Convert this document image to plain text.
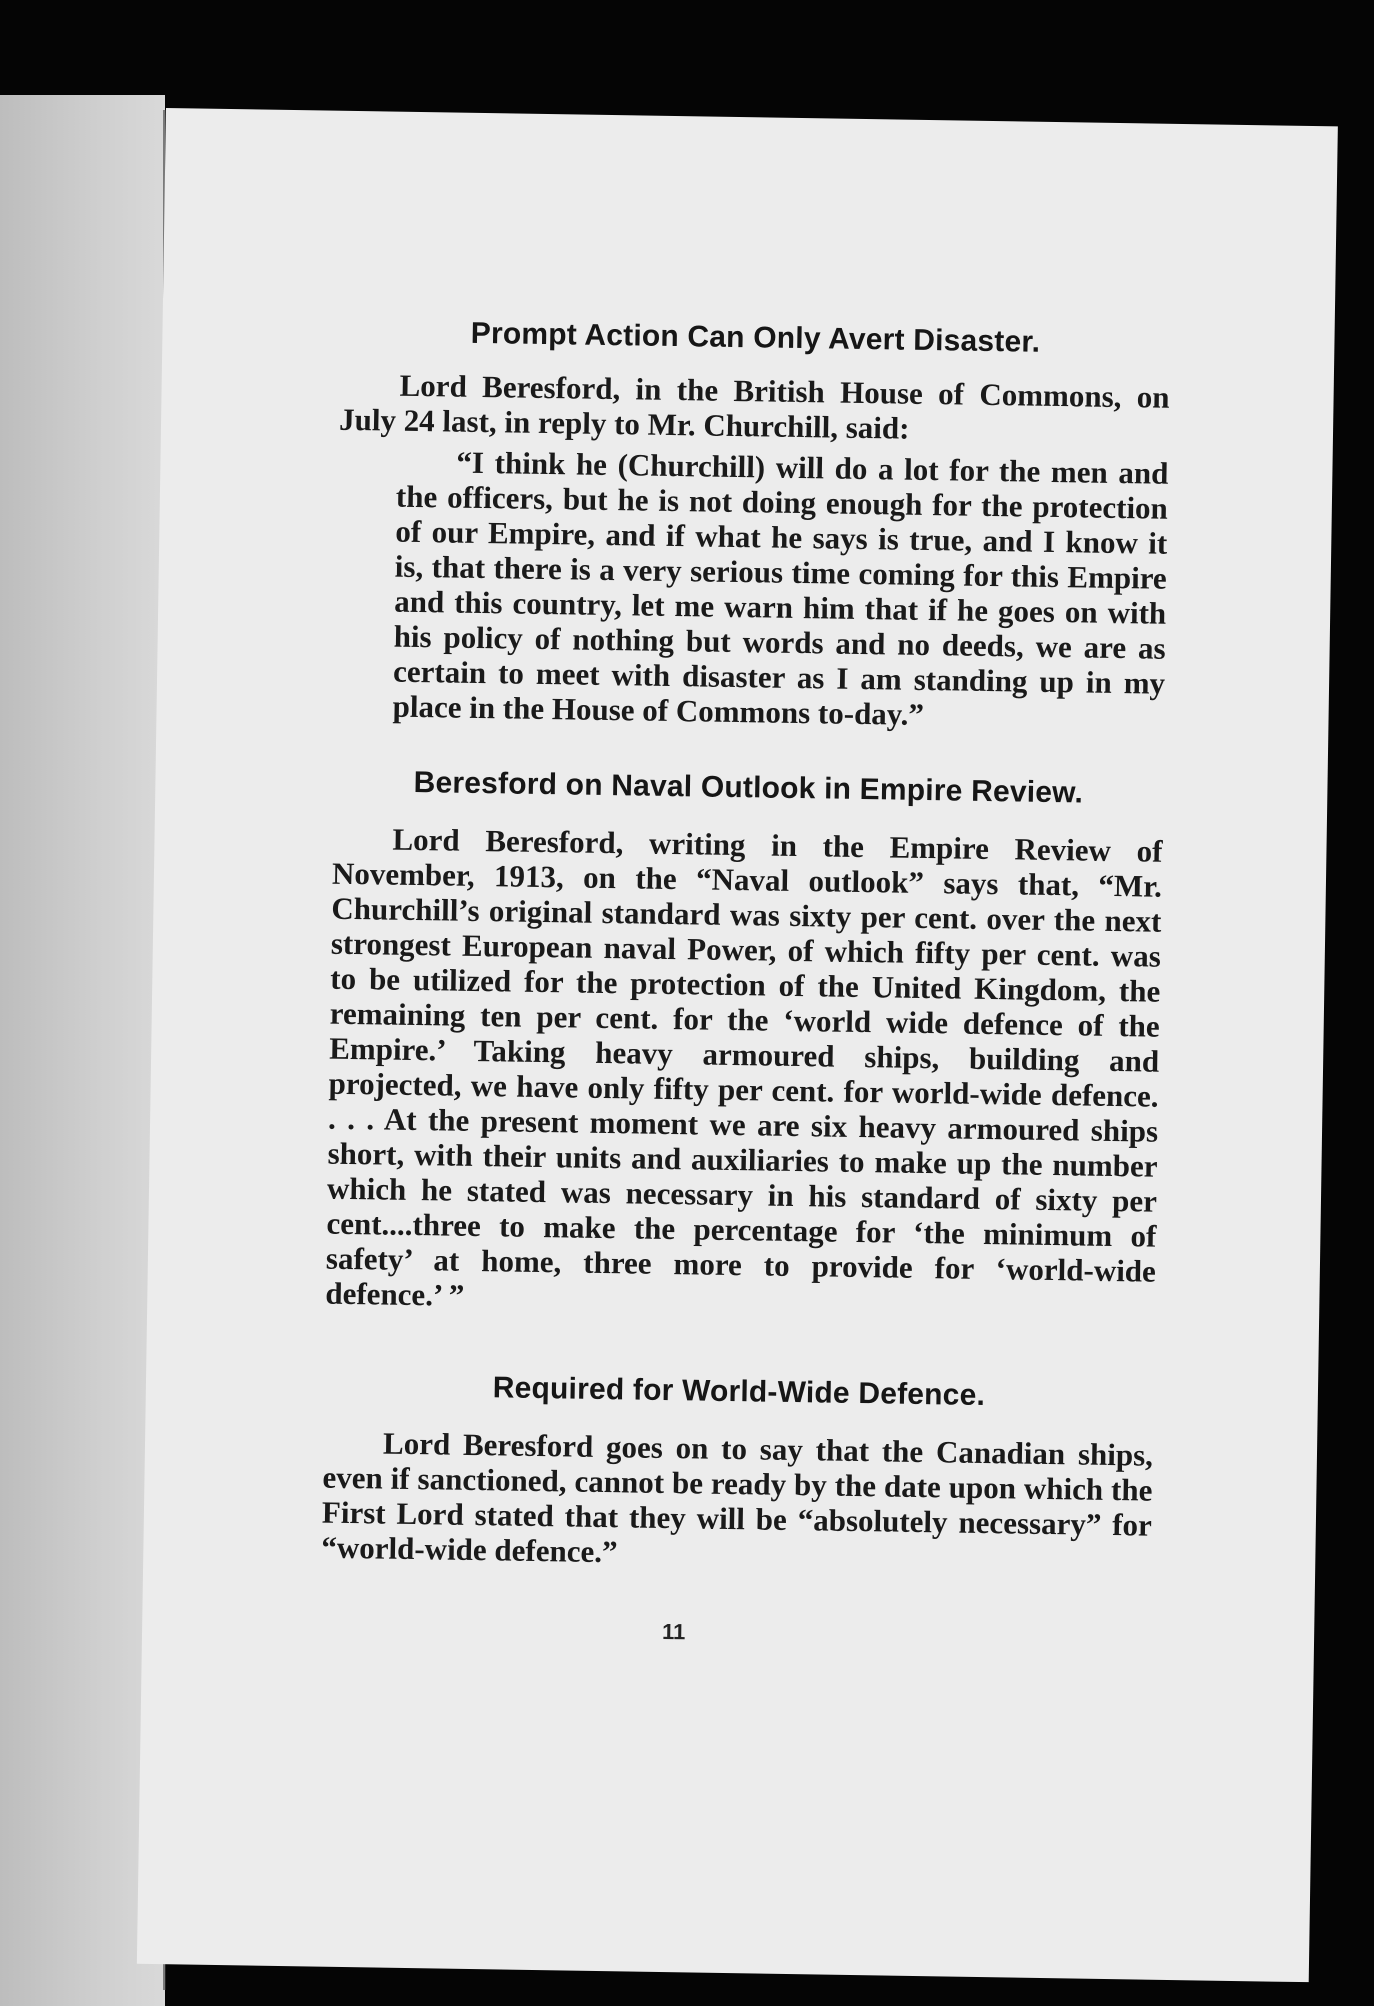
Prompt Action Can Only Avert Disaster.

Lord Beresford, in the British House of Commons, on July 24 last, in reply to Mr. Churchill, said:

“I think he (Churchill) will do a lot for the men and the officers, but he is not doing enough for the protection of our Empire, and if what he says is true, and I know it is, that there is a very serious time coming for this Empire and this country, let me warn him that if he goes on with his policy of nothing but words and no deeds, we are as certain to meet with disaster as I am standing up in my place in the House of Commons to-day.”

Beresford on Naval Outlook in Empire Review.

Lord Beresford, writing in the Empire Review of November, 1913, on the “Naval outlook” says that, “Mr. Churchill’s original standard was sixty per cent. over the next strongest European naval Power, of which fifty per cent. was to be utilized for the protection of the United Kingdom, the remaining ten per cent. for the ‘world wide defence of the Empire.’ Taking heavy armoured ships, building and projected, we have only fifty per cent. for world-wide defence. . . . At the present moment we are six heavy armoured ships short, with their units and auxiliaries to make up the number which he stated was necessary in his standard of sixty per cent....three to make the percentage for ‘the minimum of safety’ at home, three more to provide for ‘world-wide defence.’ ”

Required for World-Wide Defence.

Lord Beresford goes on to say that the Canadian ships, even if sanctioned, cannot be ready by the date upon which the First Lord stated that they will be “absolutely necessary” for “world-wide defence.”

11
